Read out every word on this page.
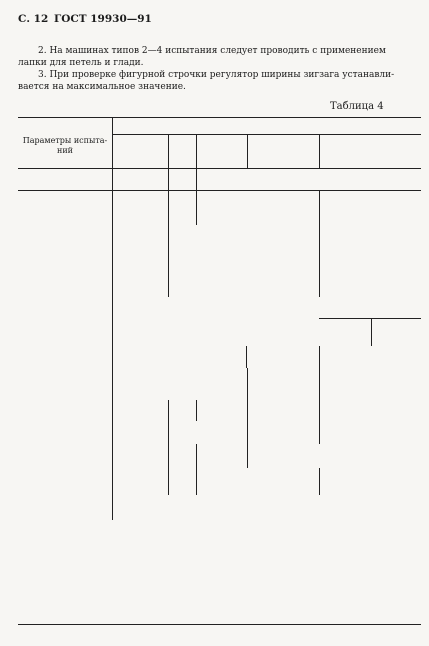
С. 12 ГОСТ 19930—91
2. На машинах типов 2—4 испытания следует проводить с применением
лапки для петель и глади.
3. При проверке фигурной строчки регулятор ширины зигзага устанавли-
вается на максимальное значение.
Таблица 4
Параметры испыта-
ний
